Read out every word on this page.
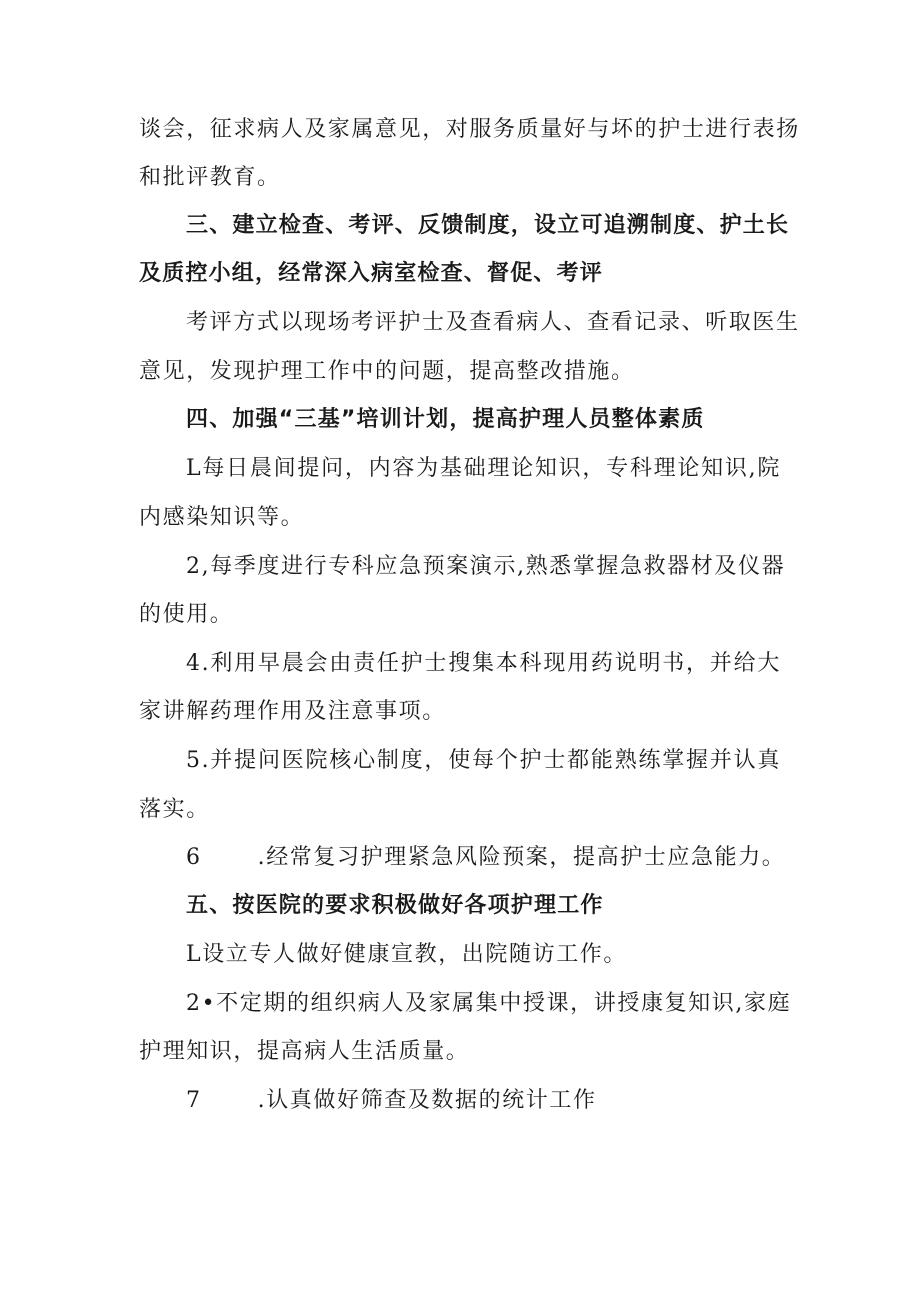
谈会，征求病人及家属意见，对服务质量好与坏的护士进行表扬
和批评教育。
三、建立检查、考评、反馈制度，设立可追溯制度、护土长
及质控小组，经常深入病室检查、督促、考评
考评方式以现场考评护士及查看病人、查看记录、听取医生
意见，发现护理工作中的问题，提高整改措施。
四、加强“三基”培训计划，提高护理人员整体素质
L每日晨间提问，内容为基础理论知识，专科理论知识,院
内感染知识等。
2,每季度进行专科应急预案演示,熟悉掌握急救器材及仪器
的使用。
4.利用早晨会由责任护士搜集本科现用药说明书，并给大
家讲解药理作用及注意事项。
5.并提问医院核心制度，使每个护士都能熟练掌握并认真
落实。
6	.经常复习护理紧急风险预案，提高护士应急能力。
五、按医院的要求积极做好各项护理工作
L设立专人做好健康宣教，出院随访工作。
2•不定期的组织病人及家属集中授课，讲授康复知识,家庭
护理知识，提高病人生活质量。
7	.认真做好筛查及数据的统计工作
